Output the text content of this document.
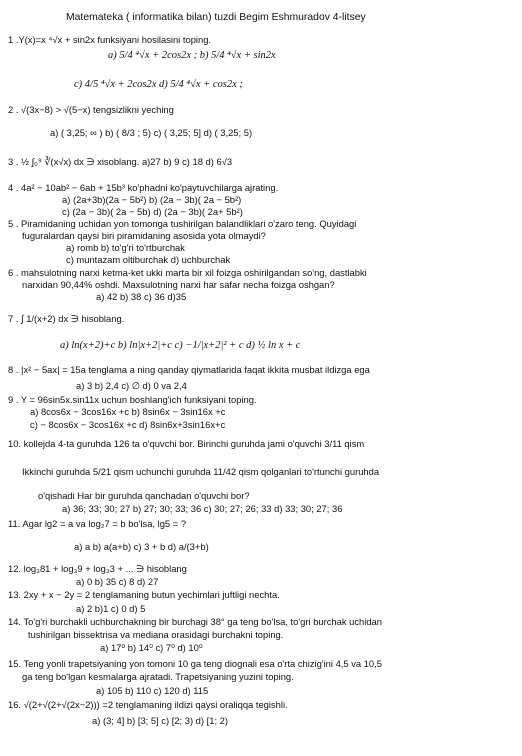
Matemateka ( informatika bilan) tuzdi Begim Eshmuradov 4-litsey
1 .Y(x)=x ⁴√x + sin2x funksiyani hosilasini toping.
a) 5/4 ⁴√x + 2cos2x ; b) 5/4 ⁴√x + sin2x
c) 4/5 ⁴√x + 2cos2x d) 5/4 ⁴√x + cos2x ;
2 . √(3x−8) > √(5−x) tengsizlikni yeching
a) ( 3,25; ∞ ) b) ( 8/3 ; 5) c) ( 3,25; 5] d) ( 3,25; 5)
3 . ½ ∫₀⁹ ∛(x√x) dx ∋ xisoblang. a)27 b) 9 c) 18 d) 6√3
4 . 4a² − 10ab² − 6ab + 15b³ ko'phadni ko'paytuvchilarga ajrating.
a) (2a+3b)(2a − 5b²) b) (2a − 3b)( 2a − 5b²)
c) (2a − 3b)( 2a − 5b) d) (2a − 3b)( 2a+ 5b²)
5 . Piramidaning uchidan yon tomonga tushirilgan balandliklari o'zaro teng. Quyidagi
fuguralardan qaysi biri piramidaning asosida yota olmaydi?
a) romb b) to'g'ri to'rtburchak
c) muntazam oltiburchak d) uchburchak
6 . mahsulotning narxi ketma-ket ukki marta bir xil foizga oshirilgandan so'ng, dastlabki
narxidan 90,44% oshdi. Maxsulotning narxi har safar necha foizga oshgan?
a) 42 b) 38 c) 36 d)35
7 . ∫ 1/(x+2) dx ∋ hisoblang.
a) ln(x+2)+c b) ln|x+2|+c c) −1/|x+2|² + c d) ½ ln x + c
8 . |x² − 5ax| = 15a tenglama a ning qanday qiymatlarida faqat ikkita musbat ildizga ega
a) 3 b) 2,4 c) ∅ d) 0 va 2,4
9 . Y = 96sin5x.sin11x uchun boshlang'ich funksiyani toping.
a) 8cos6x − 3cos16x +c b) 8sin6x − 3sin16x +c
c) − 8cos6x − 3cos16x +c d) 8sin6x+3sin16x+c
10. kollejda 4-ta guruhda 126 ta o'quvchi bor. Birinchi guruhda jami o'quvchi 3/11 qism
Ikkinchi guruhda 5/21 qism uchunchi guruhda 11/42 qism qolganlari to'rtunchi guruhda
o'qishadi Har bir guruhda qanchadan o'quvchi bor?
a) 36; 33; 30; 27 b) 27; 30; 33; 36 c) 30; 27; 26; 33 d) 33; 30; 27; 36
11. Agar lg2 = a va log₂7 = b bo'lsa, lg5 = ?
a) a b) a(a+b) c) 3 + b d) a/(3+b)
12. log₃81 + log₃9 + log₃3 + ... ∋ hisoblang
a) 0 b) 35 c) 8 d) 27
13. 2xy + x − 2y = 2 tenglamaning butun yechimlari juftligi nechta.
a) 2 b)1 c) 0 d) 5
14. To'g'ri burchakli uchburchakning bir burchagi 38° ga teng bo'lsa, to'gri burchak uchidan
tushirilgan bissektrisa va mediana orasidagi burchakni toping.
a) 17⁰ b) 14⁰ c) 7⁰ d) 10⁰
15. Teng yonli trapetsiyaning yon tomoni 10 ga teng diognali esa o'rta chizig'ini 4,5 va 10,5
ga teng bo'lgan kesmalarga ajratadi. Trapetsiyaning yuzini toping.
a) 105 b) 110 c) 120 d) 115
16. √(2+√(2+√(2x−2))) =2 tenglamaning ildizi qaysi oraliqqa tegishli.
a) (3; 4] b) [3; 5] c) [2; 3) d) [1; 2)
